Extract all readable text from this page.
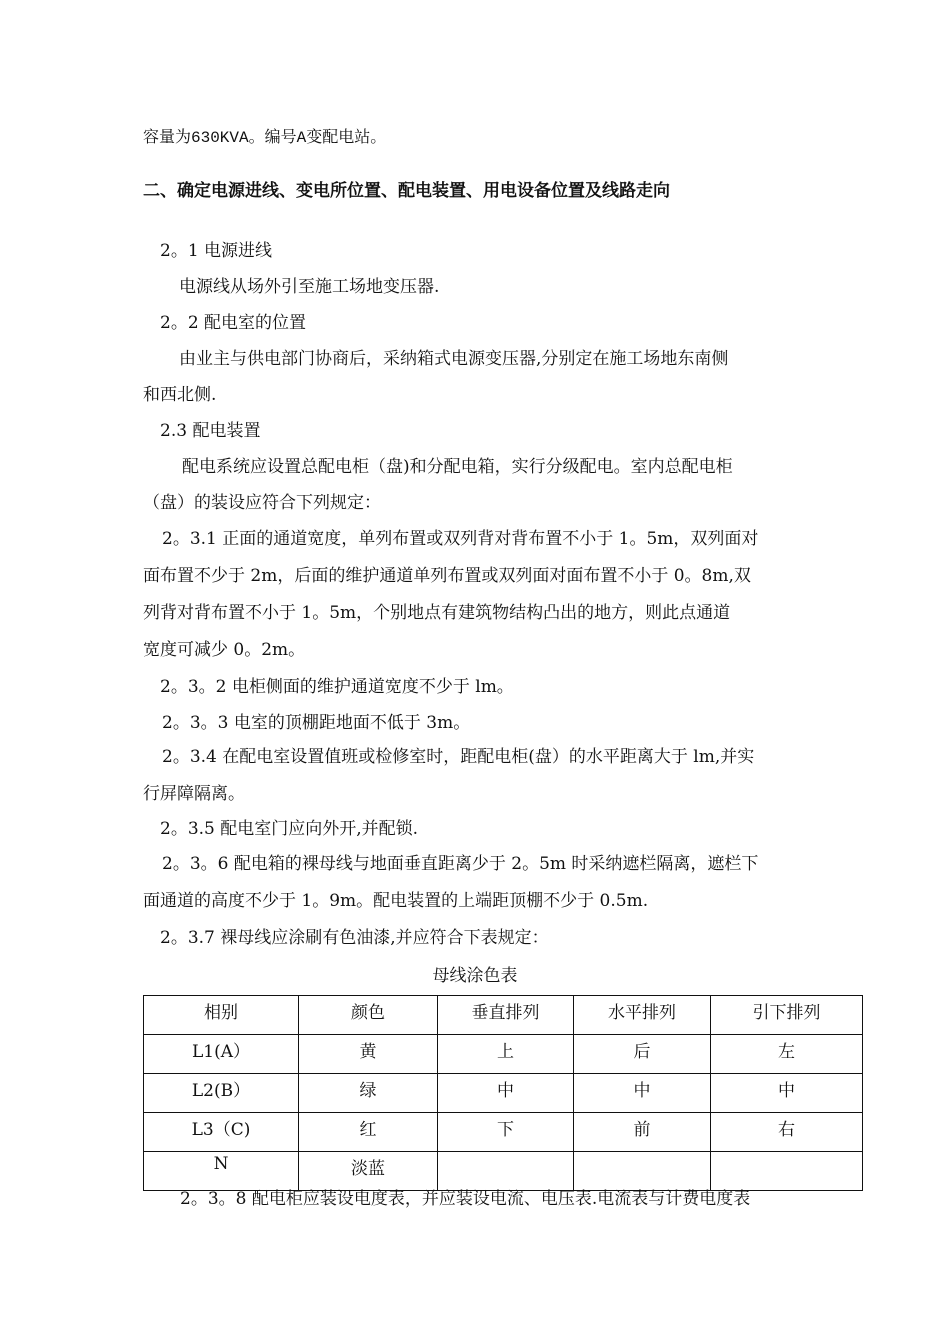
容量为630KVA。编号A变配电站。
二、确定电源进线、变电所位置、配电装置、用电设备位置及线路走向
2。1 电源进线
电源线从场外引至施工场地变压器.
2。2 配电室的位置
由业主与供电部门协商后，采纳箱式电源变压器,分别定在施工场地东南侧
和西北侧.
2.3 配电装置
配电系统应设置总配电柜（盘)和分配电箱，实行分级配电。室内总配电柜
（盘）的装设应符合下列规定：
2。3.1 正面的通道宽度，单列布置或双列背对背布置不小于 1。5m，双列面对
面布置不少于 2m，后面的维护通道单列布置或双列面对面布置不小于 0。8m,双
列背对背布置不小于 1。5m，个别地点有建筑物结构凸出的地方，则此点通道
宽度可减少 0。2m。
2。3。2 电柜侧面的维护通道宽度不少于 lm。
2。3。3 电室的顶棚距地面不低于 3m。
2。3.4 在配电室设置值班或检修室时，距配电柜(盘）的水平距离大于 lm,并实
行屏障隔离。
2。3.5 配电室门应向外开,并配锁.
2。3。6 配电箱的裸母线与地面垂直距离少于 2。5m 时采纳遮栏隔离，遮栏下
面通道的高度不少于 1。9m。配电装置的上端距顶棚不少于 0.5m.
2。3.7 裸母线应涂刷有色油漆,并应符合下表规定：
母线涂色表
相别	颜色	垂直排列	水平排列	引下排列
L1(A）	黄	上	后	左
L2(B）	绿	中	中	中
L3（C)	红	下	前	右
N	淡蓝			
2。3。8 配电柜应装设电度表，并应装设电流、电压表.电流表与计费电度表
